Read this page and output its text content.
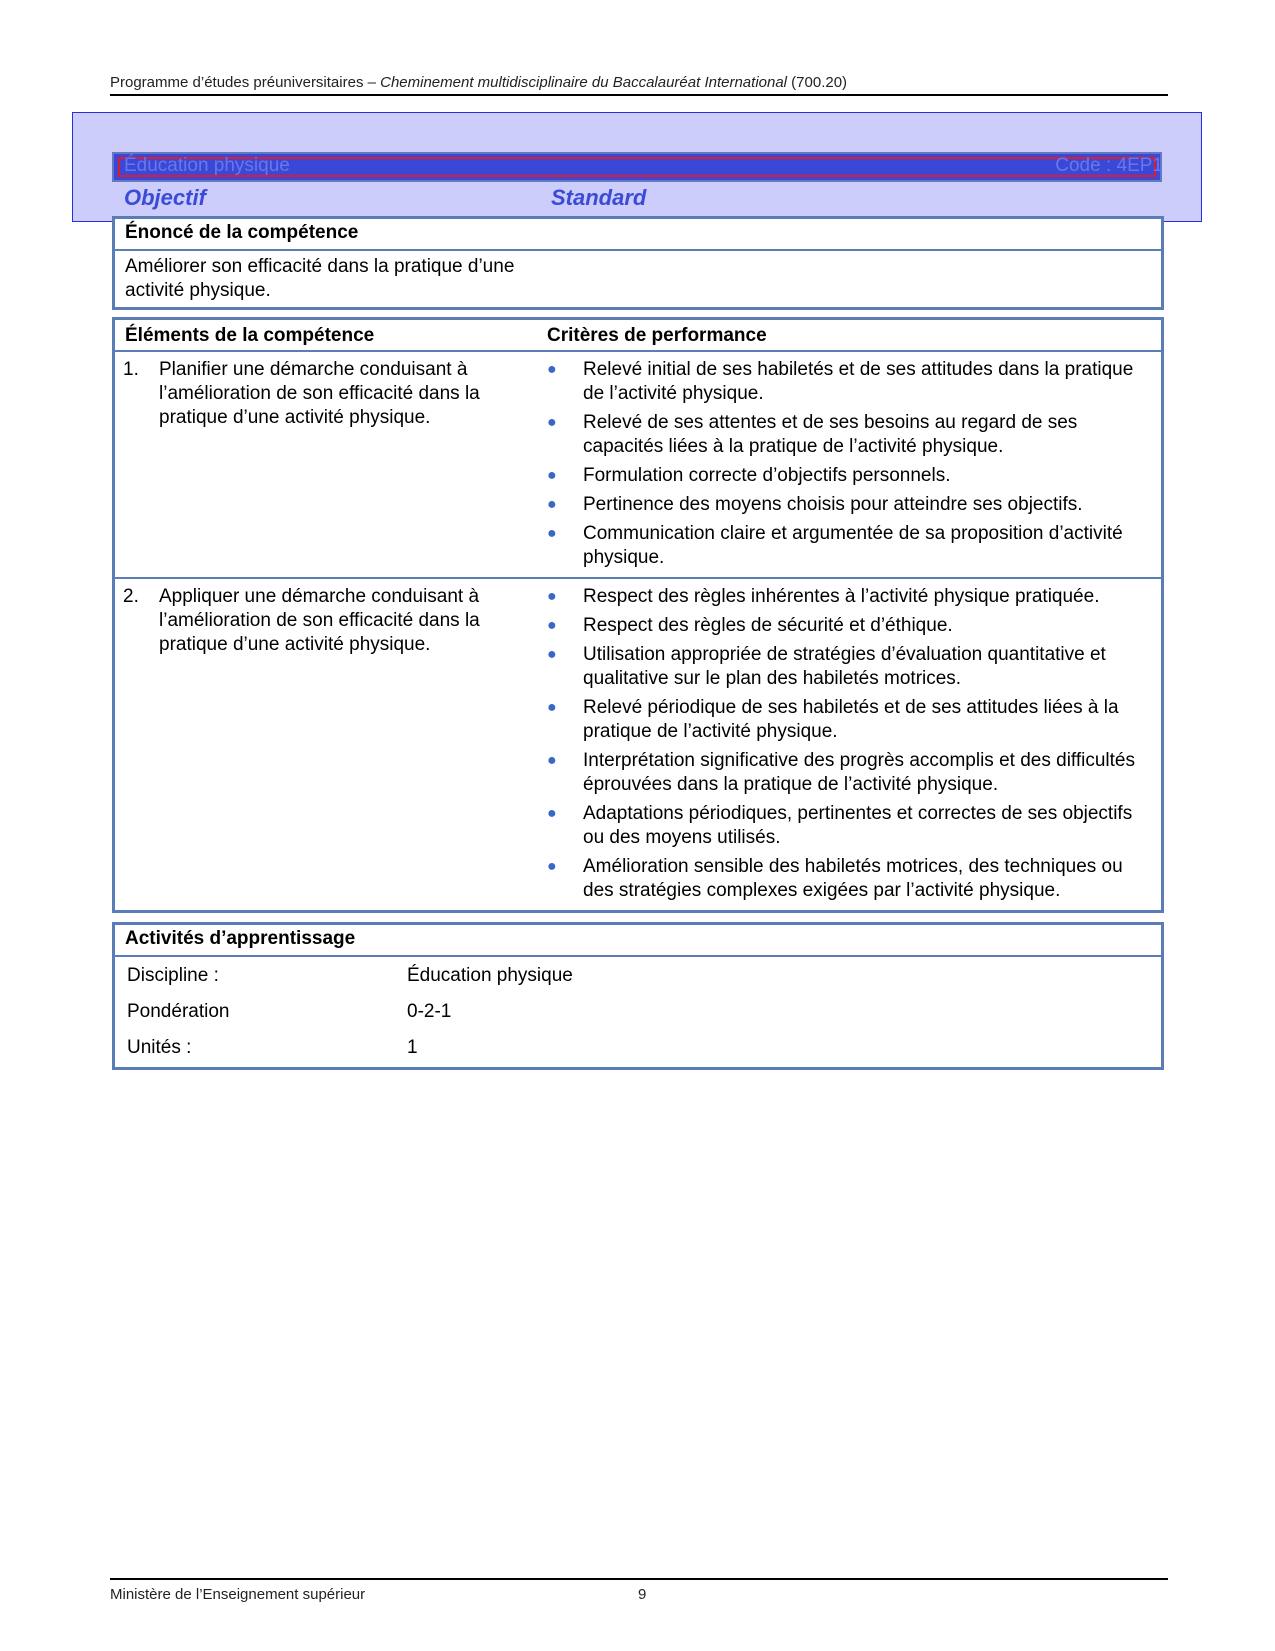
Programme d’études préuniversitaires – Cheminement multidisciplinaire du Baccalauréat International (700.20)
Éducation physique	Code : 4EP1
Objectif	Standard
Énoncé de la compétence
Améliorer son efficacité dans la pratique d’une activité physique.
Éléments de la compétence	Critères de performance
1.	Planifier une démarche conduisant à l’amélioration de son efficacité dans la pratique d’une activité physique.
● Relevé initial de ses habiletés et de ses attitudes dans la pratique de l’activité physique.
● Relevé de ses attentes et de ses besoins au regard de ses capacités liées à la pratique de l’activité physique.
● Formulation correcte d’objectifs personnels.
● Pertinence des moyens choisis pour atteindre ses objectifs.
● Communication claire et argumentée de sa proposition d’activité physique.
2.	Appliquer une démarche conduisant à l’amélioration de son efficacité dans la pratique d’une activité physique.
● Respect des règles inhérentes à l’activité physique pratiquée.
● Respect des règles de sécurité et d’éthique.
● Utilisation appropriée de stratégies d’évaluation quantitative et qualitative sur le plan des habiletés motrices.
● Relevé périodique de ses habiletés et de ses attitudes liées à la pratique de l’activité physique.
● Interprétation significative des progrès accomplis et des difficultés éprouvées dans la pratique de l’activité physique.
● Adaptations périodiques, pertinentes et correctes de ses objectifs ou des moyens utilisés.
● Amélioration sensible des habiletés motrices, des techniques ou des stratégies complexes exigées par l’activité physique.
Activités d’apprentissage
Discipline :	Éducation physique
Pondération	0-2-1
Unités :	1
Ministère de l’Enseignement supérieur	9
